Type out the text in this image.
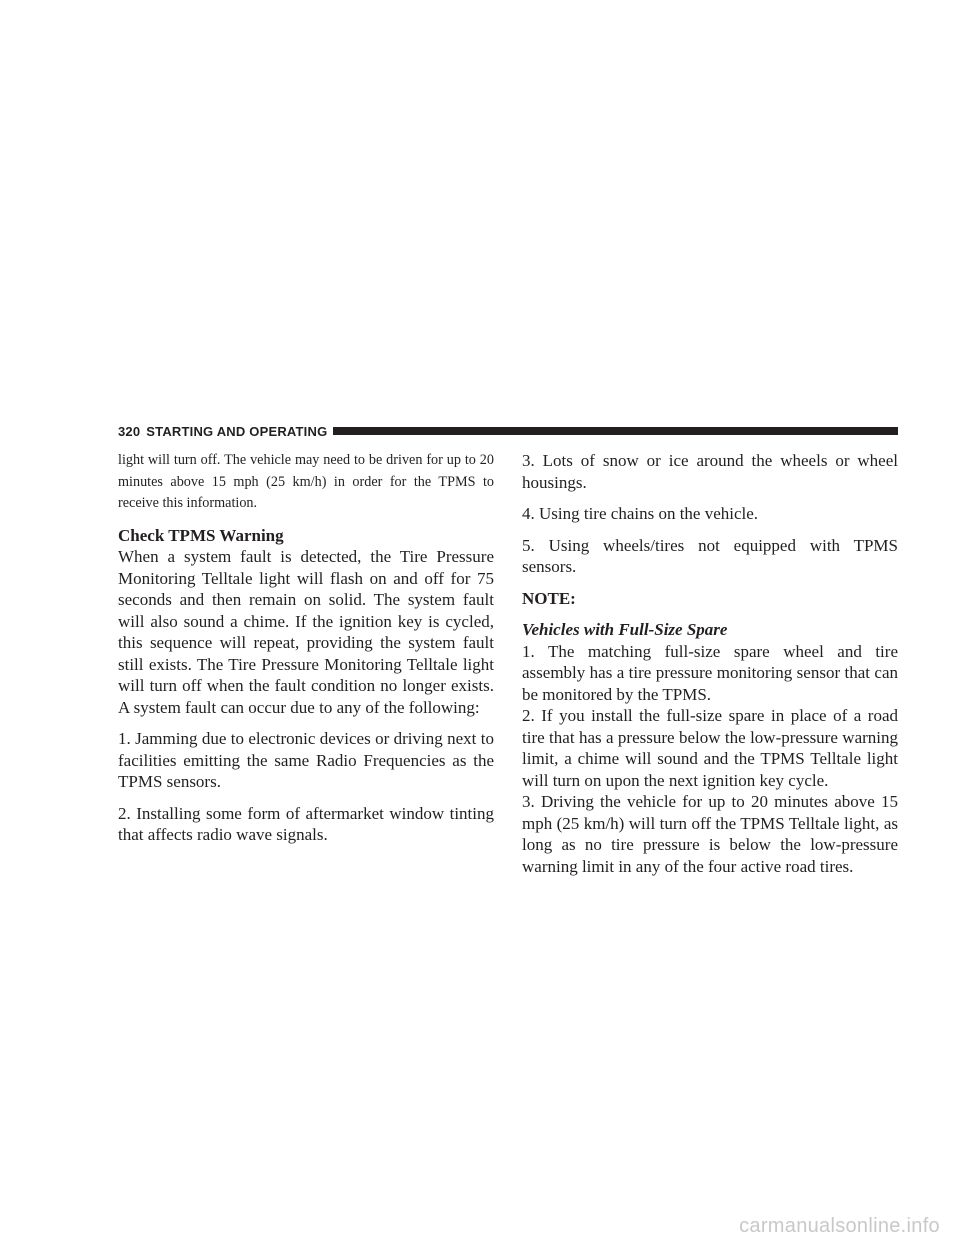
320 STARTING AND OPERATING

light will turn off. The vehicle may need to be driven for up to 20 minutes above 15 mph (25 km/h) in order for the TPMS to receive this information.

Check TPMS Warning

When a system fault is detected, the Tire Pressure Monitoring Telltale light will flash on and off for 75 seconds and then remain on solid. The system fault will also sound a chime. If the ignition key is cycled, this sequence will repeat, providing the system fault still exists. The Tire Pressure Monitoring Telltale light will turn off when the fault condition no longer exists. A system fault can occur due to any of the following:

1. Jamming due to electronic devices or driving next to facilities emitting the same Radio Frequencies as the TPMS sensors.

2. Installing some form of aftermarket window tinting that affects radio wave signals.

3. Lots of snow or ice around the wheels or wheel housings.

4. Using tire chains on the vehicle.

5. Using wheels/tires not equipped with TPMS sensors.

NOTE:

Vehicles with Full-Size Spare

1. The matching full-size spare wheel and tire assembly has a tire pressure monitoring sensor that can be monitored by the TPMS.

2. If you install the full-size spare in place of a road tire that has a pressure below the low-pressure warning limit, a chime will sound and the TPMS Telltale light will turn on upon the next ignition key cycle.

3. Driving the vehicle for up to 20 minutes above 15 mph (25 km/h) will turn off the TPMS Telltale light, as long as no tire pressure is below the low-pressure warning limit in any of the four active road tires.

carmanualsonline.info
